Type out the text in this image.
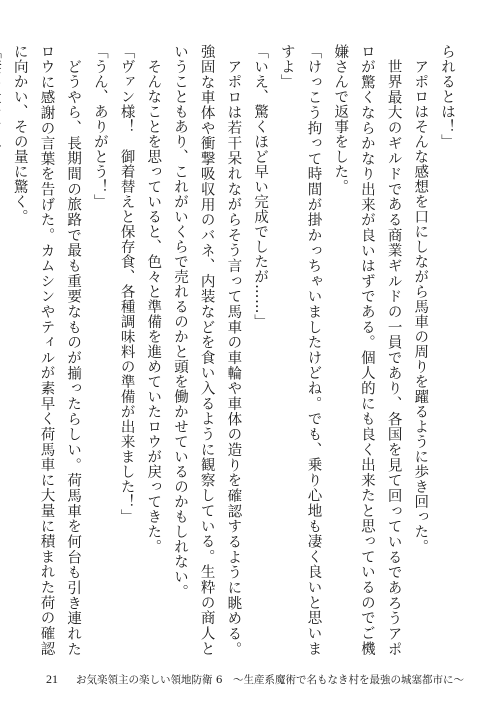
られるとは！」

アポロはそんな感想を口にしながら馬車の周りを躍るように歩き回った。

世界最大のギルドである商業ギルドの一員であり、各国を見て回っているであろうアポロが驚くならかなり出来が良いはずである。個人的にも良く出来たと思っているのでご機嫌さんで返事をした。

「けっこう拘って時間が掛かっちゃいましたけどね。でも、乗り心地も凄く良いと思いますよ」

「いえ、驚くほど早い完成でしたが……」

アポロは若干呆れながらそう言って馬車の車輪や車体の造りを確認するように眺める。強固な車体や衝撃吸収用のバネ、内装などを食い入るように観察している。生粋の商人ということもあり、これがいくらで売れるのかと頭を働かせているのかもしれない。

そんなことを思っていると、色々と準備を進めていたロウが戻ってきた。

「ヴァン様！　御着替えと保存食、各種調味料の準備が出来ました！」

「うん、ありがとう！」

どうやら、長期間の旅路で最も重要なものが揃ったらしい。荷馬車を何台も引き連れたロウに感謝の言葉を告げた。カムシンやティルが素早く荷馬車に大量に積まれた荷の確認に向かい、その量に驚く。

21 お気楽領主の楽しい領地防衛 6　～生産系魔術で名もなき村を最強の城塞都市に～
